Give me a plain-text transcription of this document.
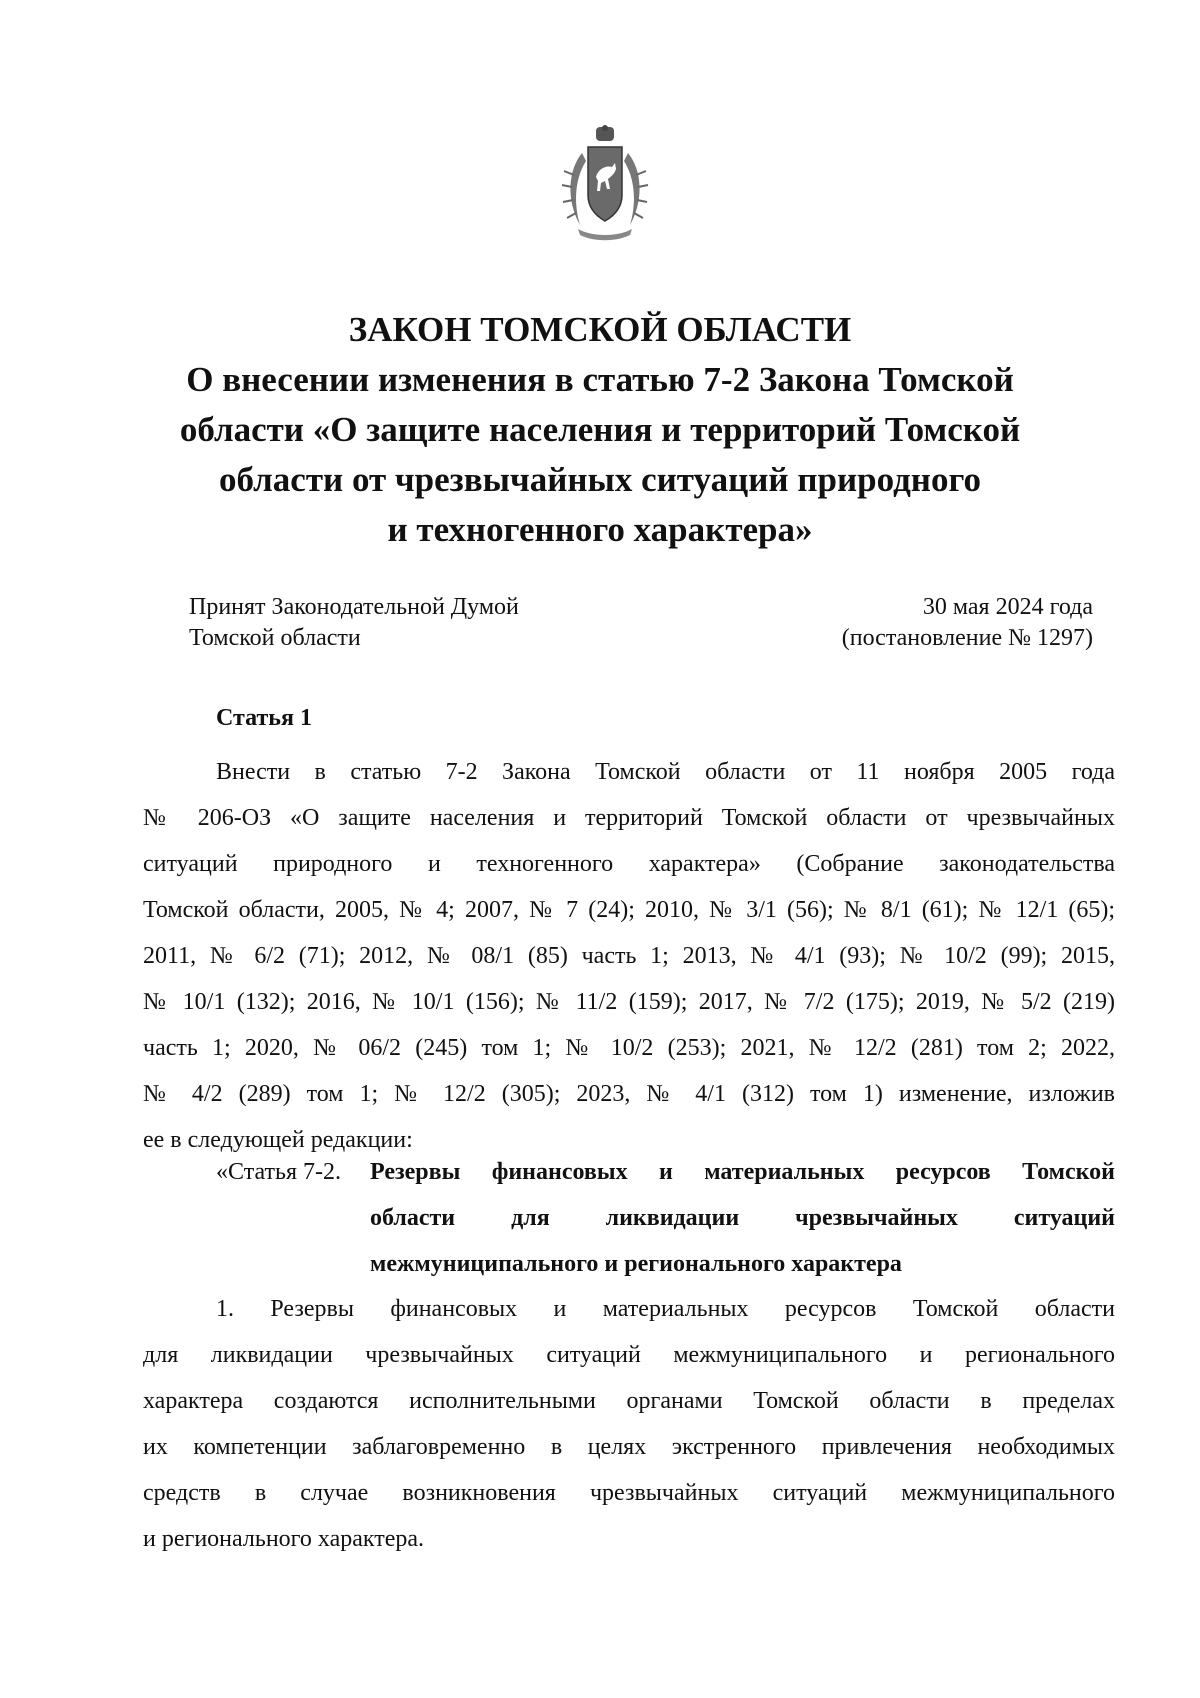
ЗАКОН ТОМСКОЙ ОБЛАСТИ
О внесении изменения в статью 7-2 Закона Томской
области «О защите населения и территорий Томской
области от чрезвычайных ситуаций природного
и техногенного характера»
Принят Законодательной Думой
Томской области
30 мая 2024 года
(постановление № 1297)
Статья 1
Внести в статью 7-2 Закона Томской области от 11 ноября 2005 года
№ 206-ОЗ «О защите населения и территорий Томской области от чрезвычайных
ситуаций природного и техногенного характера» (Собрание законодательства
Томской области, 2005, № 4; 2007, № 7 (24); 2010, № 3/1 (56); № 8/1 (61); № 12/1 (65);
2011, № 6/2 (71); 2012, № 08/1 (85) часть 1; 2013, № 4/1 (93); № 10/2 (99); 2015,
№ 10/1 (132); 2016, № 10/1 (156); № 11/2 (159); 2017, № 7/2 (175); 2019, № 5/2 (219)
часть 1; 2020, № 06/2 (245) том 1; № 10/2 (253); 2021, № 12/2 (281) том 2; 2022,
№ 4/2 (289) том 1; № 12/2 (305); 2023, № 4/1 (312) том 1) изменение, изложив
ее в следующей редакции:
«Статья 7-2. Резервы финансовых и материальных ресурсов Томской
области для ликвидации чрезвычайных ситуаций
межмуниципального и регионального характера
1. Резервы финансовых и материальных ресурсов Томской области
для ликвидации чрезвычайных ситуаций межмуниципального и регионального
характера создаются исполнительными органами Томской области в пределах
их компетенции заблаговременно в целях экстренного привлечения необходимых
средств в случае возникновения чрезвычайных ситуаций межмуниципального
и регионального характера.
